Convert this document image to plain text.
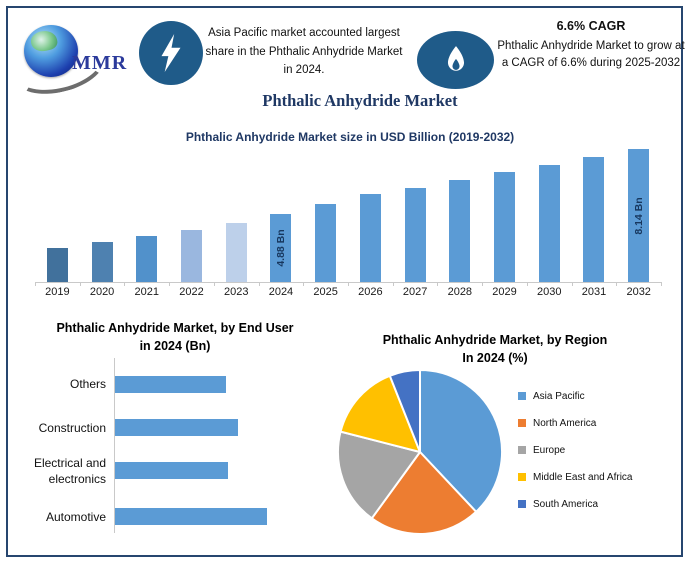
MMR
Asia Pacific market accounted largest share in the Phthalic Anhydride Market in 2024.
6.6% CAGR
Phthalic Anhydride Market to grow at a CAGR of 6.6% during 2025-2032
Phthalic Anhydride Market
Phthalic Anhydride Market size in USD Billion (2019-2032)
4.88 Bn
8.14 Bn
2019	2020	2021	2022	2023	2024	2025	2026	2027	2028	2029	2030	2031	2032
Phthalic Anhydride Market, by End User
in 2024 (Bn)
Others
Construction
Electrical and electronics
Automotive
Phthalic Anhydride Market, by Region
In 2024 (%)
Asia Pacific
North America
Europe
Middle East and Africa
South America
